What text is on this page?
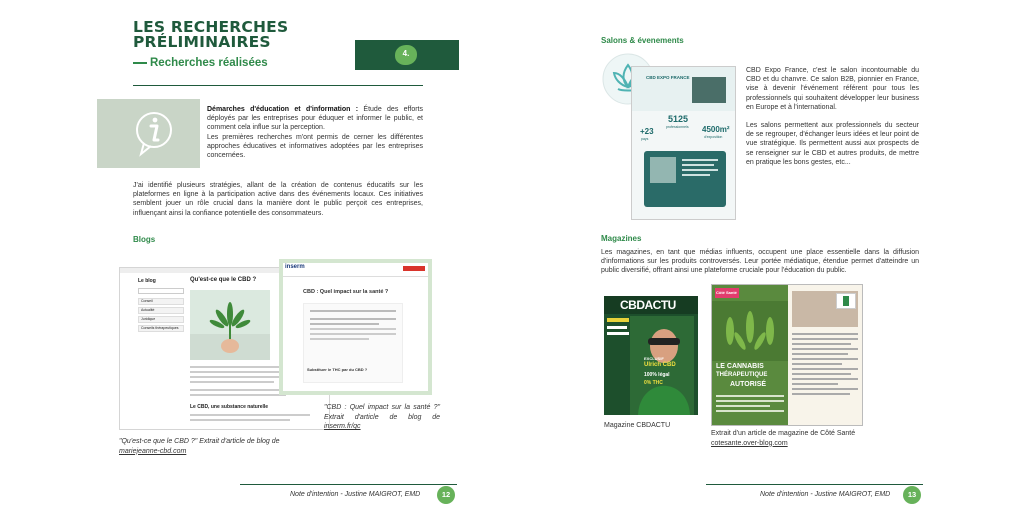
LES RECHERCHES
PRÉLIMINAIRES
Recherches réalisées
4.
Démarches d'éducation et d'information : Étude des efforts déployés par les entreprises pour éduquer et informer le public, et comment cela influe sur la perception.
Les premières recherches m'ont permis de cerner les différentes approches éducatives et informatives adoptées par les entreprises concernées.
J'ai identifié plusieurs stratégies, allant de la création de contenus éducatifs sur les plateformes en ligne à la participation active dans des événements locaux. Ces initiatives semblent jouer un rôle crucial dans la manière dont le public perçoit ces entreprises, influençant ainsi la confiance potentielle des consommateurs.
Blogs
Le blog	Qu'est-ce que le CBD ?
Conseil
Actualité
Juridique
Conseils thérapeutiques
Le CBD, une substance naturelle
inserm
CBD : Quel impact sur la santé ?
Substituer le THC par du CBD ?
"CBD : Quel impact sur la santé ?" Extrait d'article de blog de inserm.fr/qc
"Qu'est-ce que le CBD ?" Extrait d'article de blog de
mariejeanne-cbd.com
Note d'intention - Justine MAIGROT, EMD	12
Salons & évenements
CBD EXPO FRANCE
5125
professionnels
+23
pays
4500m²
d'exposition

CBD Expo France, c'est le salon incontournable du CBD et du chanvre. Ce salon B2B, pionnier en France, vise à devenir l'événement référent pour tous les professionnels qui souhaitent développer leur business en Europe et à l'international.

Les salons permettent aux professionnels du secteur de se regrouper, d'échanger leurs idées et leur point de vue stratégique. Ils permettent aussi aux prospects de se renseigner sur le CBD et autres produits, de mettre en pratique les bons gestes, etc...

Magazines
Les magazines, en tant que médias influents, occupent une place essentielle dans la diffusion d'informations sur les produits controversés. Leur portée médiatique, étendue permet d'atteindre un public diversifié, offrant ainsi une plateforme cruciale pour l'éducation du public.
CBDACTU
EXCLUSIF
Ulrich CBD
100% légal
0% THC
Côté Santé
LE CANNABIS
THÉRAPEUTIQUE
AUTORISÉ
Magazine CBDACTU
Extrait d'un article de magazine de Côté Santé
cotesante.over-blog.com
Note d'intention - Justine MAIGROT, EMD	13
